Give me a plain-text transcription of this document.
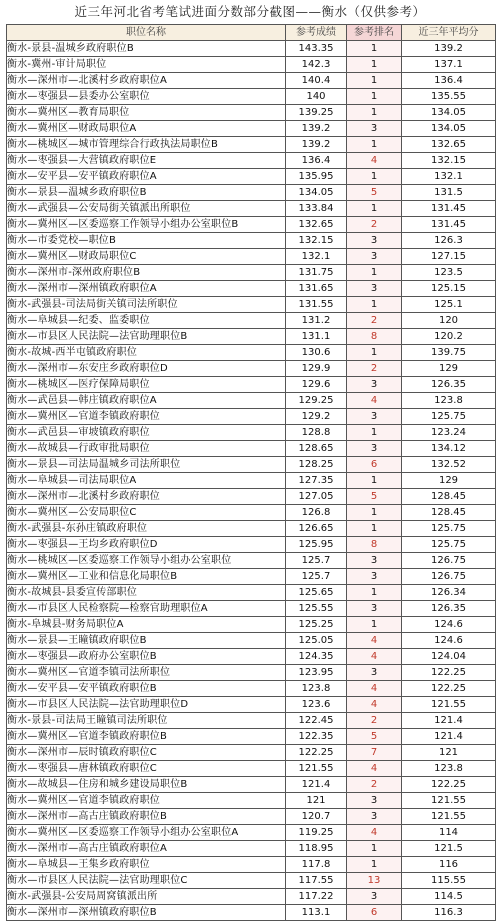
近三年河北省考笔试进面分数部分截图——衡水（仅供参考）
职位名称	参考成绩	参考排名	近三年平均分
衡水-景县-温城乡政府职位B	143.35	1	139.2
衡水-冀州-审计局职位	142.3	1	137.1
衡水—深州市—北溪村乡政府职位A	140.4	1	136.4
衡水—枣强县—县委办公室职位	140	1	135.55
衡水—冀州区—教育局职位	139.25	1	134.05
衡水—冀州区—财政局职位A	139.2	3	134.05
衡水—桃城区—城市管理综合行政执法局职位B	139.2	1	132.65
衡水—枣强县—大营镇政府职位E	136.4	4	132.15
衡水—安平县—安平镇政府职位A	135.95	1	132.1
衡水—景县—温城乡政府职位B	134.05	5	131.5
衡水—武强县—公安局街关镇派出所职位	133.84	1	131.45
衡水—冀州区—区委巡察工作领导小组办公室职位B	132.65	2	131.45
衡水—市委党校—职位B	132.15	3	126.3
衡水—冀州区—财政局职位C	132.1	3	127.15
衡水—深州市-深州政府职位B	131.75	1	123.5
衡水—深州市—深州镇政府职位A	131.65	3	125.15
衡水-武强县-司法局街关镇司法所职位	131.55	1	125.1
衡水—阜城县—纪委、监委职位	131.2	2	120
衡水—市县区人民法院—法官助理职位B	131.1	8	120.2
衡水-故城-西半屯镇政府职位	130.6	1	139.75
衡水—深州市—东安庄乡政府职位D	129.9	2	129
衡水—桃城区—医疗保障局职位	129.6	3	126.35
衡水—武邑县—韩庄镇政府职位A	129.25	4	123.8
衡水—冀州区—官道李镇政府职位	129.2	3	125.75
衡水—武邑县—审坡镇政府职位	128.8	1	123.24
衡水—故城县—行政审批局职位	128.65	3	134.12
衡水—景县—司法局温城乡司法所职位	128.25	6	132.52
衡水—阜城县—司法局职位A	127.35	1	129
衡水—深州市—北溪村乡政府职位	127.05	5	128.45
衡水—冀州区—公安局职位C	126.8	1	128.45
衡水-武强县-东孙庄镇政府职位	126.65	1	125.75
衡水—枣强县—王均乡政府职位D	125.95	8	125.75
衡水—桃城区—区委巡察工作领导小组办公室职位	125.7	3	126.75
衡水—冀州区—工业和信息化局职位B	125.7	3	126.75
衡水-故城县-县委宣传部职位	125.65	1	126.34
衡水—市县区人民检察院—检察官助理职位A	125.55	3	126.35
衡水-阜城县-财务局职位A	125.25	1	124.6
衡水—景县—王瞳镇政府职位B	125.05	4	124.6
衡水—枣强县—政府办公室职位B	124.35	4	124.04
衡水—冀州区—官道李镇司法所职位	123.95	3	122.25
衡水—安平县—安平镇政府职位B	123.8	4	122.25
衡水—市县区人民法院—法官助理职位D	123.6	4	121.55
衡水-景县-司法局王瞳镇司法所职位	122.45	2	121.4
衡水—冀州区—官道李镇政府职位B	122.35	5	121.4
衡水—深州市—辰时镇政府职位C	122.25	7	121
衡水—枣强县—唐林镇政府职位C	121.55	4	123.8
衡水—故城县—住房和城乡建设局职位B	121.4	2	122.25
衡水—冀州区—官道李镇政府职位	121	3	121.55
衡水—深州市—高古庄镇政府职位B	120.7	3	121.55
衡水—冀州区—区委巡察工作领导小组办公室职位A	119.25	4	114
衡水—深州市—高古庄镇政府职位A	118.95	1	121.5
衡水—阜城县—王集乡政府职位	117.8	1	116
衡水—市县区人民法院—法官助理职位C	117.55	13	115.55
衡水-武强县-公安局周窝镇派出所	117.22	3	114.5
衡水—深州市—深州镇政府职位B	113.1	6	116.3
